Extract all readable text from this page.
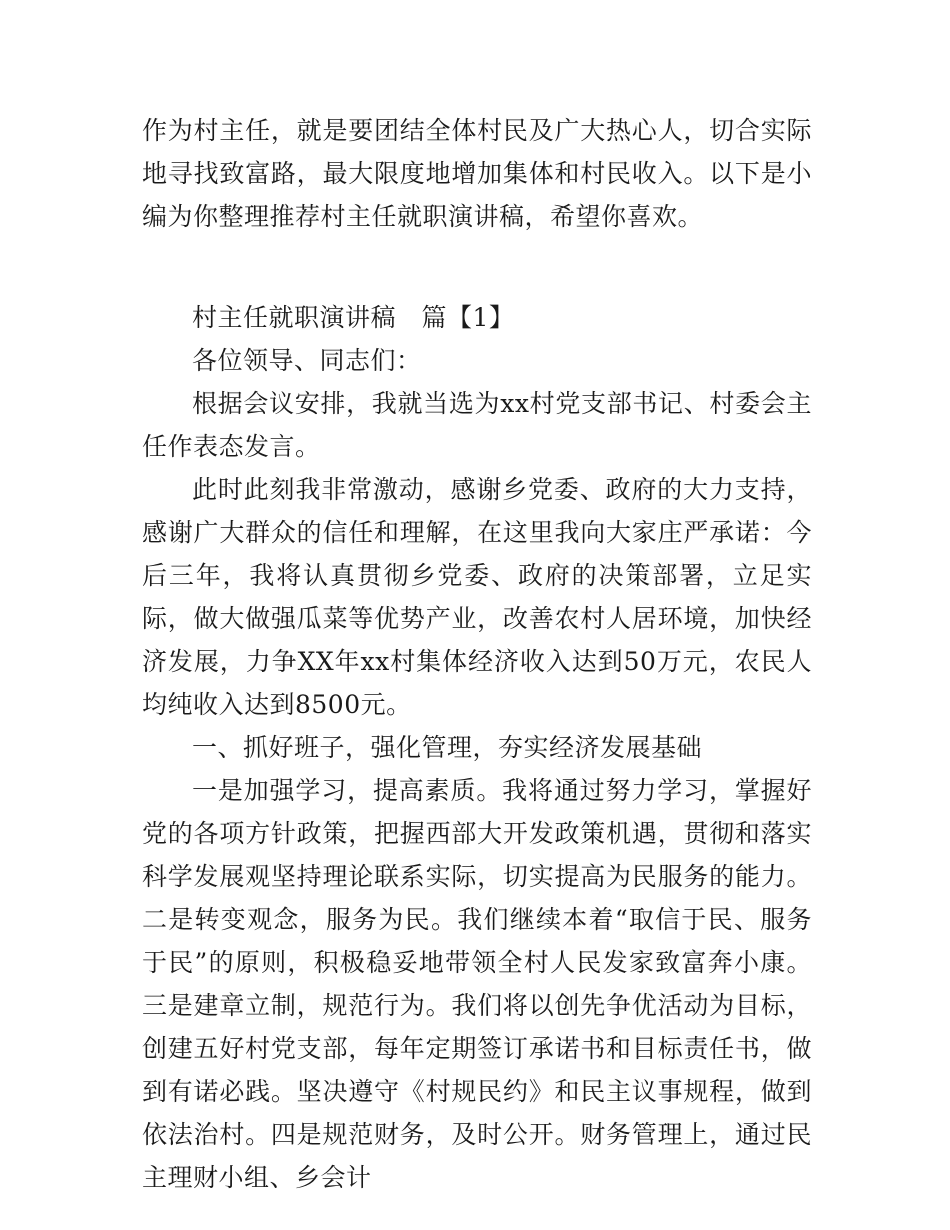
作为村主任，就是要团结全体村民及广大热心人，切合实际地寻找致富路，最大限度地增加集体和村民收入。以下是小编为你整理推荐村主任就职演讲稿，希望你喜欢。

村主任就职演讲稿　篇【1】

各位领导、同志们：

根据会议安排，我就当选为xx村党支部书记、村委会主任作表态发言。

此时此刻我非常激动，感谢乡党委、政府的大力支持，感谢广大群众的信任和理解，在这里我向大家庄严承诺：今后三年，我将认真贯彻乡党委、政府的决策部署，立足实际，做大做强瓜菜等优势产业，改善农村人居环境，加快经济发展，力争XX年xx村集体经济收入达到50万元，农民人均纯收入达到8500元。

一、抓好班子，强化管理，夯实经济发展基础

一是加强学习，提高素质。我将通过努力学习，掌握好党的各项方针政策，把握西部大开发政策机遇，贯彻和落实科学发展观坚持理论联系实际，切实提高为民服务的能力。二是转变观念，服务为民。我们继续本着“取信于民、服务于民”的原则，积极稳妥地带领全村人民发家致富奔小康。三是建章立制，规范行为。我们将以创先争优活动为目标，创建五好村党支部，每年定期签订承诺书和目标责任书，做到有诺必践。坚决遵守《村规民约》和民主议事规程，做到依法治村。四是规范财务，及时公开。财务管理上，通过民主理财小组、乡会计
